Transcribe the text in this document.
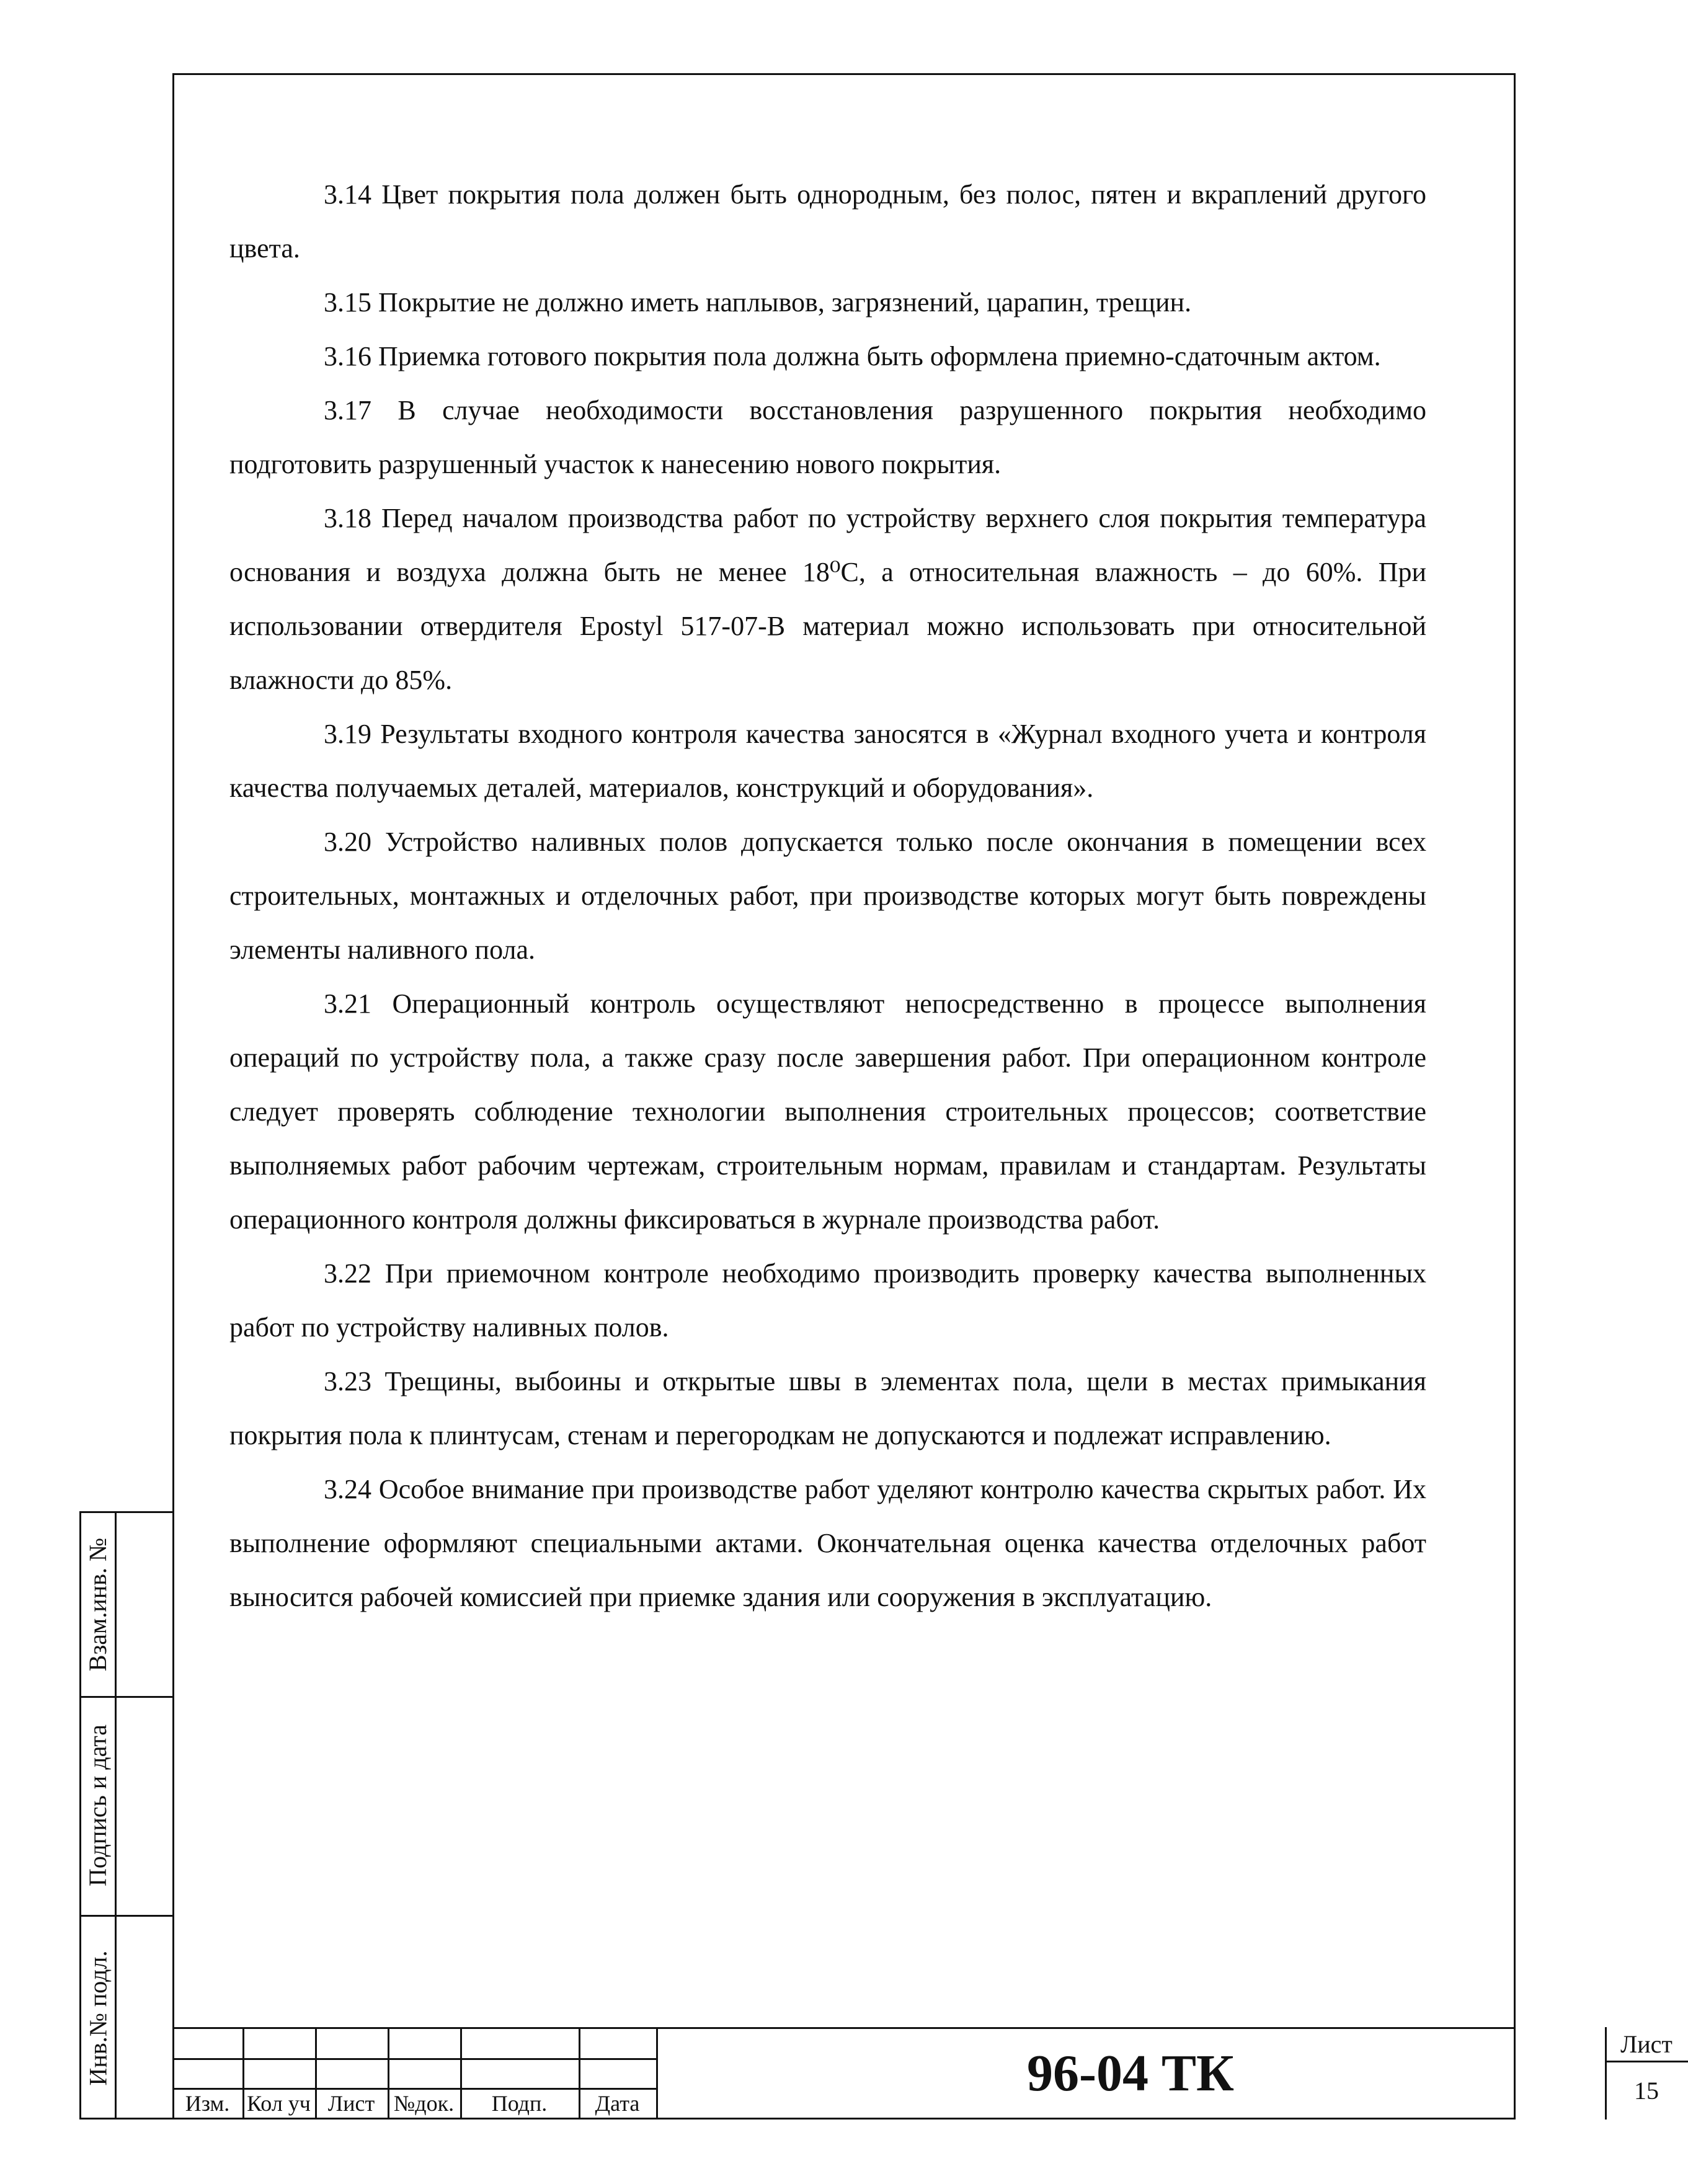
3.14 Цвет покрытия пола должен быть однородным, без полос, пятен и вкраплений другого цвета.

3.15 Покрытие не должно иметь наплывов, загрязнений, царапин, трещин.

3.16 Приемка готового покрытия пола должна быть оформлена приемно-сдаточным актом.

3.17 В случае необходимости восстановления разрушенного покрытия необходимо подготовить разрушенный участок к нанесению нового покрытия.

3.18 Перед началом производства работ по устройству верхнего слоя покрытия температура основания и воздуха должна быть не менее 18⁰С, а относительная влажность – до 60%. При использовании отвердителя Epostyl 517-07-B материал можно использовать при относительной влажности до 85%.

3.19 Результаты входного контроля качества заносятся в «Журнал входного учета и контроля качества получаемых деталей, материалов, конструкций и оборудования».

3.20 Устройство наливных полов допускается только после окончания в помещении всех строительных, монтажных и отделочных работ, при производстве которых могут быть повреждены элементы наливного пола.

3.21 Операционный контроль осуществляют непосредственно в процессе выполнения операций по устройству пола, а также сразу после завершения работ. При операционном контроле следует проверять соблюдение технологии выполнения строительных процессов; соответствие выполняемых работ рабочим чертежам, строительным нормам, правилам и стандартам. Результаты операционного контроля должны фиксироваться в журнале производства работ.

3.22 При приемочном контроле необходимо производить проверку качества выполненных работ по устройству наливных полов.

3.23 Трещины, выбоины и открытые швы в элементах пола, щели в местах примыкания покрытия пола к плинтусам, стенам и перегородкам не допускаются и подлежат исправлению.

3.24 Особое внимание при производстве работ уделяют контролю качества скрытых работ. Их выполнение оформляют специальными актами. Окончательная оценка качества отделочных работ выносится рабочей комиссией при приемке здания или сооружения в эксплуатацию.

Взам.инв. №
Подпись и дата
Инв.№ подл.
Изм. Кол уч Лист №док.	Подп.	Дата
96-04 ТК
Лист
15
